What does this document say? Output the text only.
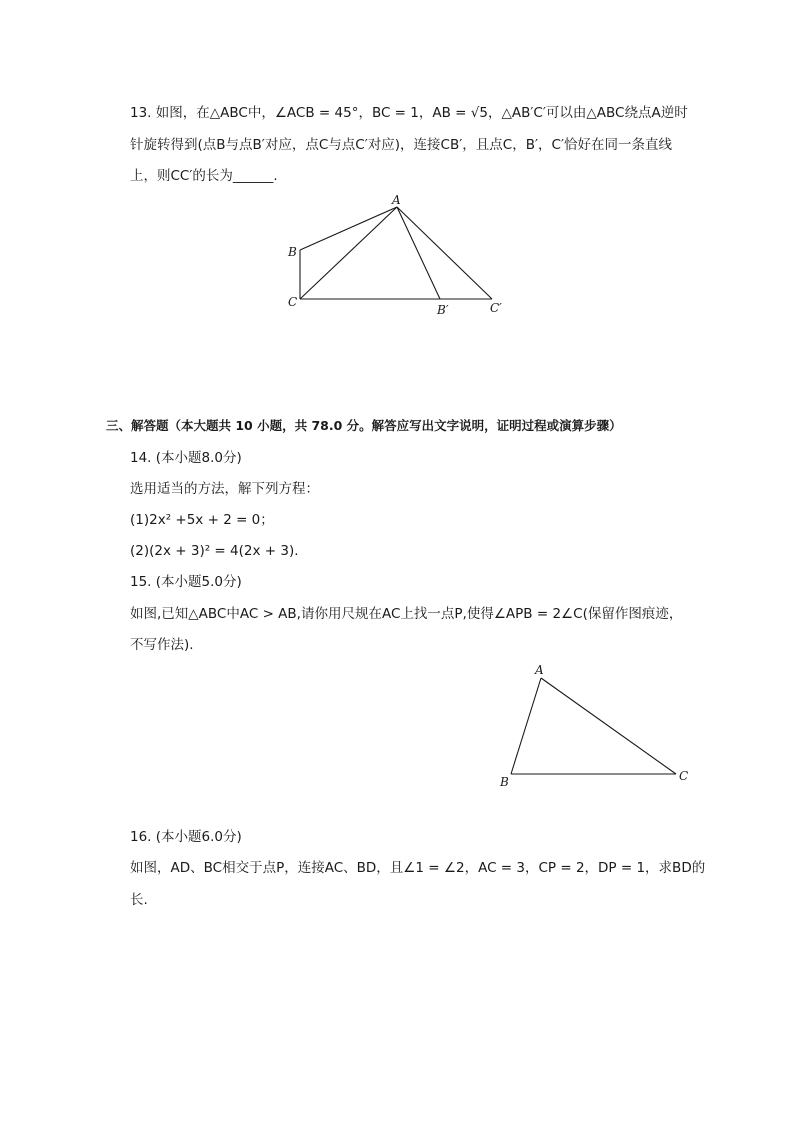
13. 如图，在△ABC中，∠ACB = 45°，BC = 1，AB = √5，△AB′C′可以由△ABC绕点A逆时
针旋转得到(点B与点B′对应，点C与点C′对应)，连接CB′，且点C，B′，C′恰好在同一条直线
上，则CC′的长为______.
A
B
C
B′	C′
三、解答题（本大题共 10 小题，共 78.0 分。解答应写出文字说明，证明过程或演算步骤）
14. (本小题8.0分)
选用适当的方法，解下列方程：
(1)2x² +5x + 2 = 0；
(2)(2x + 3)² = 4(2x + 3).
15. (本小题5.0分)
如图,已知△ABC中AC > AB,请你用尺规在AC上找一点P,使得∠APB = 2∠C(保留作图痕迹，
不写作法).
A
B	C
16. (本小题6.0分)
如图，AD、BC相交于点P，连接AC、BD，且∠1 = ∠2，AC = 3，CP = 2，DP = 1，求BD的
长.
